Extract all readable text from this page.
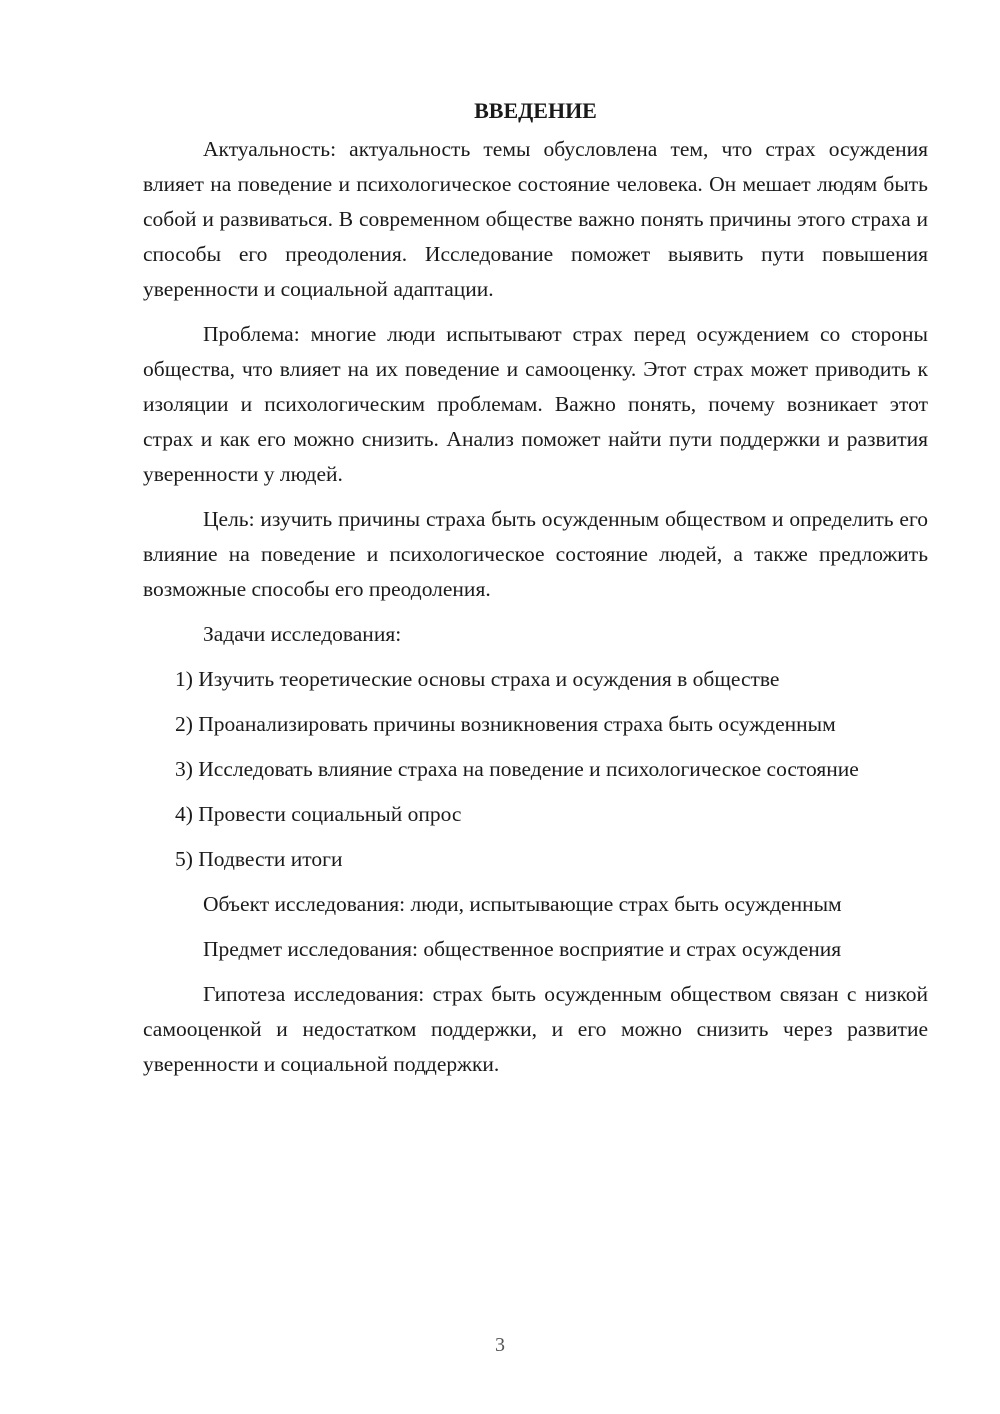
ВВЕДЕНИЕ

Актуальность: актуальность темы обусловлена тем, что страх осуждения влияет на поведение и психологическое состояние человека. Он мешает людям быть собой и развиваться. В современном обществе важно понять причины этого страха и способы его преодоления. Исследование поможет выявить пути повышения уверенности и социальной адаптации.

Проблема: многие люди испытывают страх перед осуждением со стороны общества, что влияет на их поведение и самооценку. Этот страх может приводить к изоляции и психологическим проблемам. Важно понять, почему возникает этот страх и как его можно снизить. Анализ поможет найти пути поддержки и развития уверенности у людей.

Цель: изучить причины страха быть осужденным обществом и определить его влияние на поведение и психологическое состояние людей, а также предложить возможные способы его преодоления.

Задачи исследования:

1) Изучить теоретические основы страха и осуждения в обществе

2) Проанализировать причины возникновения страха быть осужденным

3) Исследовать влияние страха на поведение и психологическое состояние

4) Провести социальный опрос

5) Подвести итоги

Объект исследования: люди, испытывающие страх быть осужденным

Предмет исследования: общественное восприятие и страх осуждения

Гипотеза исследования: страх быть осужденным обществом связан с низкой самооценкой и недостатком поддержки, и его можно снизить через развитие уверенности и социальной поддержки.

3
